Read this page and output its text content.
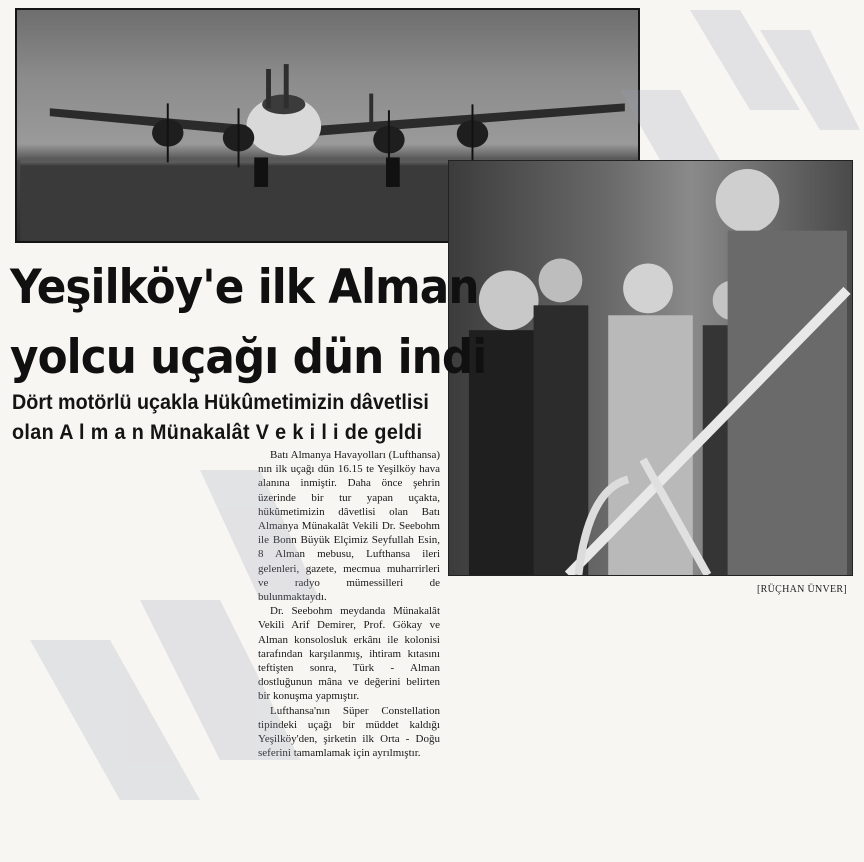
[RÜÇHAN ÜNVER]
Yeşilköy'e ilk Alman
yolcu uçağı dün indi
Dört motörlü uçakla Hükûmetimizin dâvetlisi
olan A l m a n Münakalât V e k i l i de geldi

Batı Almanya Havayolları (Lufthansa) nın ilk uçağı dün 16.15 te Yeşilköy hava alanına inmiştir. Daha önce şehrin üzerinde bir tur yapan uçakta, hükûmetimizin dâvetlisi olan Batı Almanya Münakalât Vekili Dr. Seebohm ile Bonn Büyük Elçimiz Seyfullah Esin, 8 Alman mebusu, Lufthansa ileri gelenleri, gazete, mecmua muharrirleri ve radyo mümessilleri de bulunmaktaydı.

Dr. Seebohm meydanda Münakalât Vekili Arif Demirer, Prof. Gökay ve Alman konsolosluk erkânı ile kolonisi tarafından karşılanmış, ihtiram kıtasını teftişten sonra, Türk - Alman dostluğunun mâna ve değerini belirten bir konuşma yapmıştır.

Lufthansa'nın Süper Constellation tipindeki uçağı bir müddet kaldığı Yeşilköy'den, şirketin ilk Orta - Doğu seferini tamamlamak için ayrılmıştır.
